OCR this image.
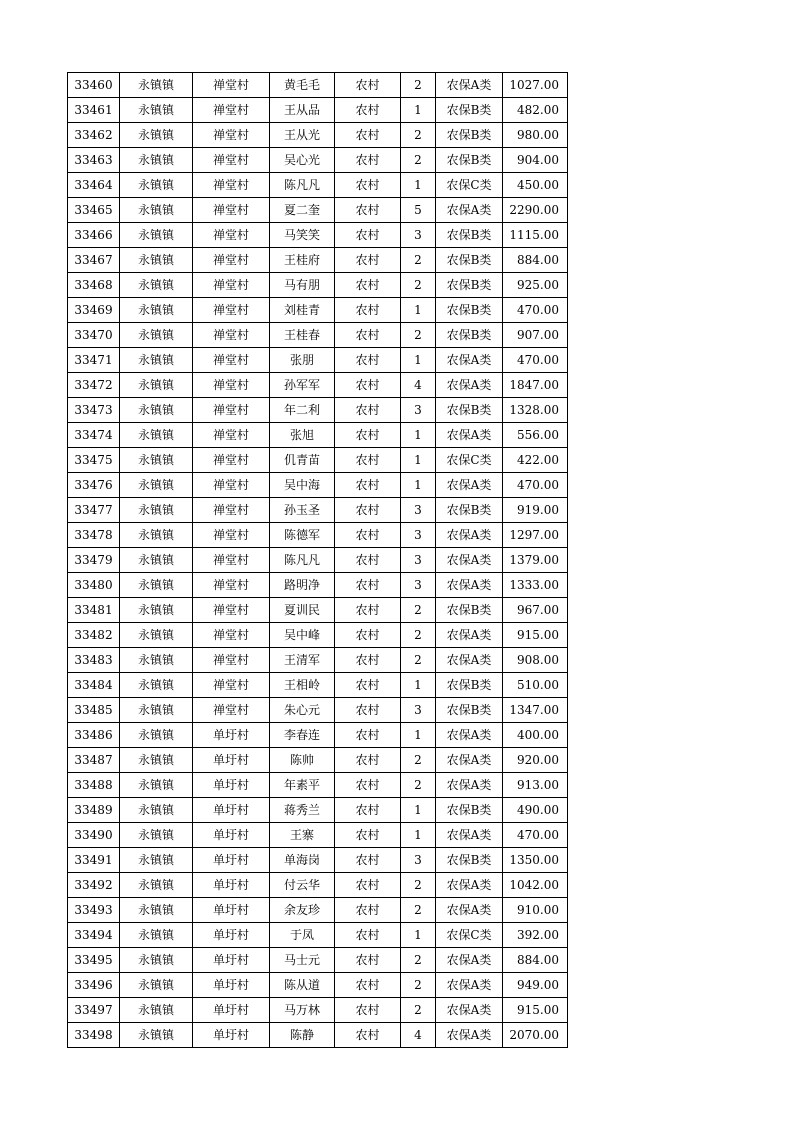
33460	永镇镇	禅堂村	黄毛毛	农村	2	农保A类	1027.00
33461	永镇镇	禅堂村	王从品	农村	1	农保B类	482.00
33462	永镇镇	禅堂村	王从光	农村	2	农保B类	980.00
33463	永镇镇	禅堂村	吴心光	农村	2	农保B类	904.00
33464	永镇镇	禅堂村	陈凡凡	农村	1	农保C类	450.00
33465	永镇镇	禅堂村	夏二奎	农村	5	农保A类	2290.00
33466	永镇镇	禅堂村	马笑笑	农村	3	农保B类	1115.00
33467	永镇镇	禅堂村	王桂府	农村	2	农保B类	884.00
33468	永镇镇	禅堂村	马有朋	农村	2	农保B类	925.00
33469	永镇镇	禅堂村	刘桂青	农村	1	农保B类	470.00
33470	永镇镇	禅堂村	王桂春	农村	2	农保B类	907.00
33471	永镇镇	禅堂村	张朋	农村	1	农保A类	470.00
33472	永镇镇	禅堂村	孙军军	农村	4	农保A类	1847.00
33473	永镇镇	禅堂村	年二利	农村	3	农保B类	1328.00
33474	永镇镇	禅堂村	张旭	农村	1	农保A类	556.00
33475	永镇镇	禅堂村	仉青苗	农村	1	农保C类	422.00
33476	永镇镇	禅堂村	吴中海	农村	1	农保A类	470.00
33477	永镇镇	禅堂村	孙玉圣	农村	3	农保B类	919.00
33478	永镇镇	禅堂村	陈德军	农村	3	农保A类	1297.00
33479	永镇镇	禅堂村	陈凡凡	农村	3	农保A类	1379.00
33480	永镇镇	禅堂村	路明净	农村	3	农保A类	1333.00
33481	永镇镇	禅堂村	夏训民	农村	2	农保B类	967.00
33482	永镇镇	禅堂村	吴中峰	农村	2	农保A类	915.00
33483	永镇镇	禅堂村	王清军	农村	2	农保A类	908.00
33484	永镇镇	禅堂村	王相岭	农村	1	农保B类	510.00
33485	永镇镇	禅堂村	朱心元	农村	3	农保B类	1347.00
33486	永镇镇	单圩村	李春连	农村	1	农保A类	400.00
33487	永镇镇	单圩村	陈帅	农村	2	农保A类	920.00
33488	永镇镇	单圩村	年素平	农村	2	农保A类	913.00
33489	永镇镇	单圩村	蒋秀兰	农村	1	农保B类	490.00
33490	永镇镇	单圩村	王寨	农村	1	农保A类	470.00
33491	永镇镇	单圩村	单海岗	农村	3	农保B类	1350.00
33492	永镇镇	单圩村	付云华	农村	2	农保A类	1042.00
33493	永镇镇	单圩村	余友珍	农村	2	农保A类	910.00
33494	永镇镇	单圩村	于凤	农村	1	农保C类	392.00
33495	永镇镇	单圩村	马士元	农村	2	农保A类	884.00
33496	永镇镇	单圩村	陈从道	农村	2	农保A类	949.00
33497	永镇镇	单圩村	马万林	农村	2	农保A类	915.00
33498	永镇镇	单圩村	陈静	农村	4	农保A类	2070.00
